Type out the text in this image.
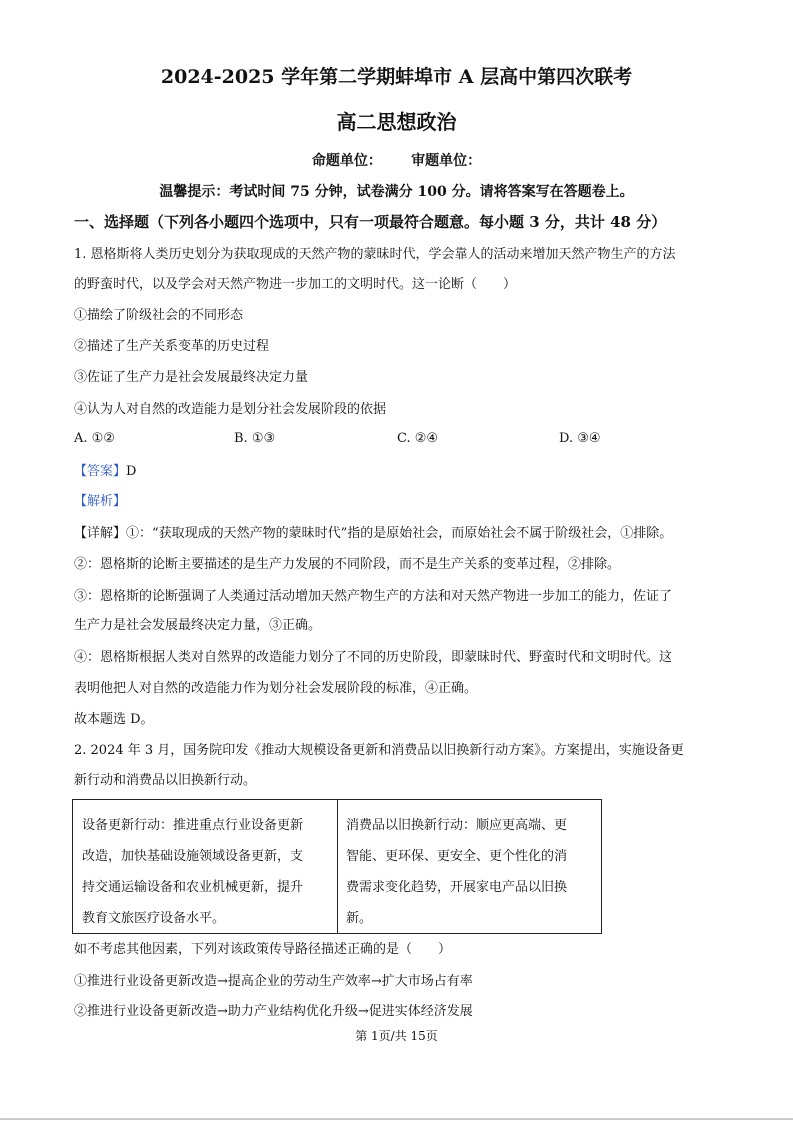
2024-2025 学年第二学期蚌埠市 A 层高中第四次联考
高二思想政治
命题单位：      审题单位：
温馨提示：考试时间 75 分钟，试卷满分 100 分。请将答案写在答题卷上。
一、选择题（下列各小题四个选项中，只有一项最符合题意。每小题 3 分，共计 48 分）
1. 恩格斯将人类历史划分为获取现成的天然产物的蒙昧时代，学会靠人的活动来增加天然产物生产的方法
的野蛮时代，以及学会对天然产物进一步加工的文明时代。这一论断（　　）
①描绘了阶级社会的不同形态
②描述了生产关系变革的历史过程
③佐证了生产力是社会发展最终决定力量
④认为人对自然的改造能力是划分社会发展阶段的依据
A. ①②	B. ①③	C. ②④	D. ③④
【答案】D
【解析】
【详解】①：“获取现成的天然产物的蒙昧时代”指的是原始社会，而原始社会不属于阶级社会，①排除。
②：恩格斯的论断主要描述的是生产力发展的不同阶段，而不是生产关系的变革过程，②排除。
③：恩格斯的论断强调了人类通过活动增加天然产物生产的方法和对天然产物进一步加工的能力，佐证了
生产力是社会发展最终决定力量，③正确。
④：恩格斯根据人类对自然界的改造能力划分了不同的历史阶段，即蒙昧时代、野蛮时代和文明时代。这
表明他把人对自然的改造能力作为划分社会发展阶段的标准，④正确。
故本题选 D。
2. 2024 年 3 月，国务院印发《推动大规模设备更新和消费品以旧换新行动方案》。方案提出，实施设备更
新行动和消费品以旧换新行动。
设备更新行动：推进重点行业设备更新
改造，加快基础设施领域设备更新，支
持交通运输设备和农业机械更新，提升
教育文旅医疗设备水平。
消费品以旧换新行动：顺应更高端、更
智能、更环保、更安全、更个性化的消
费需求变化趋势，开展家电产品以旧换
新。
如不考虑其他因素，下列对该政策传导路径描述正确的是（　　）
①推进行业设备更新改造→提高企业的劳动生产效率→扩大市场占有率
②推进行业设备更新改造→助力产业结构优化升级→促进实体经济发展
第 1页/共 15页
